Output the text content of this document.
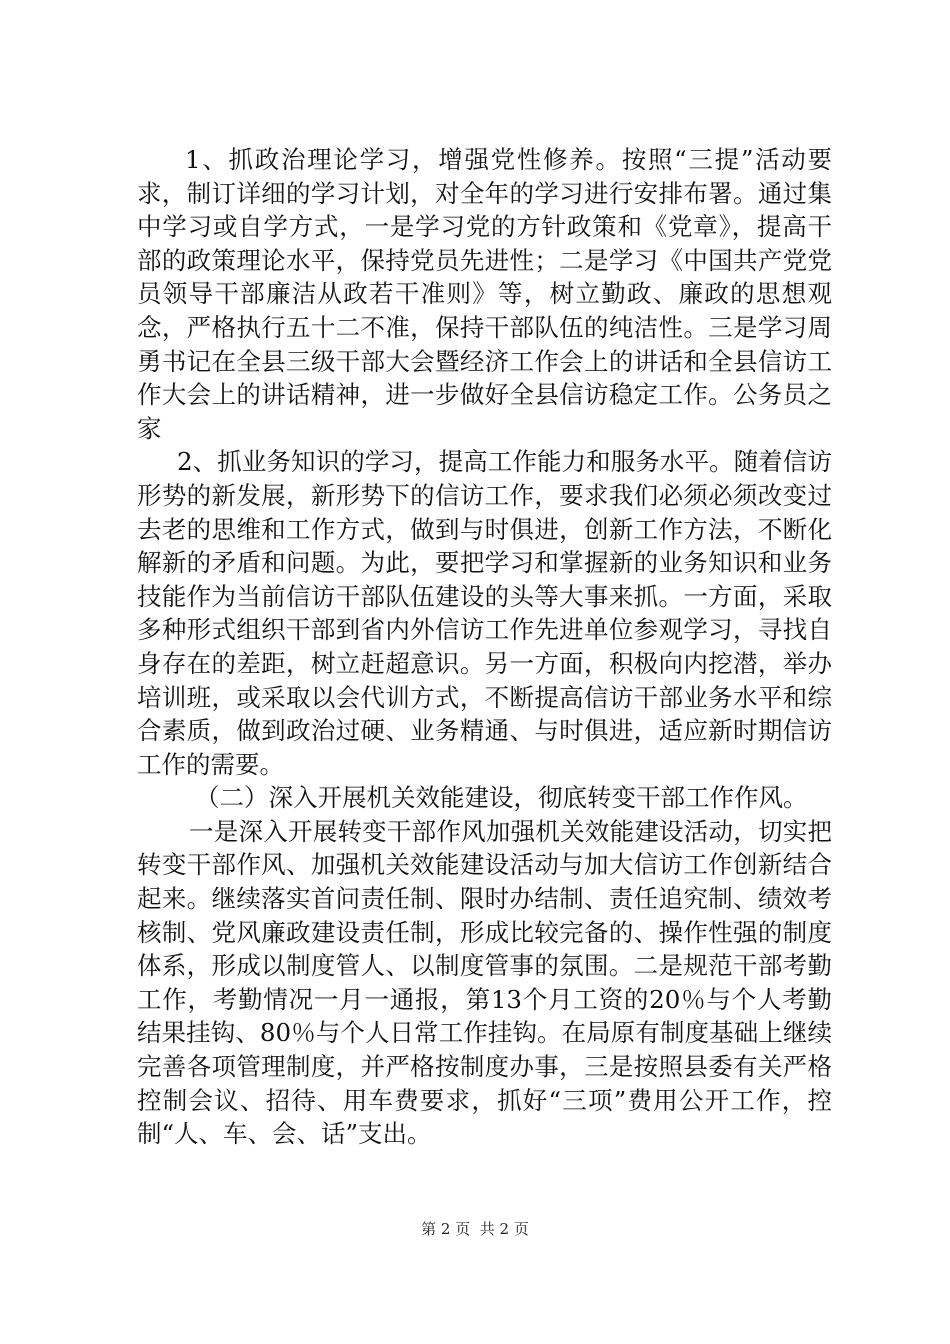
1、抓政治理论学习，增强党性修养。按照“三提”活动要求，制订详细的学习计划，对全年的学习进行安排布署。通过集中学习或自学方式，一是学习党的方针政策和《党章》，提高干部的政策理论水平，保持党员先进性；二是学习《中国共产党党员领导干部廉洁从政若干准则》等，树立勤政、廉政的思想观念，严格执行五十二不准，保持干部队伍的纯洁性。三是学习周勇书记在全县三级干部大会暨经济工作会上的讲话和全县信访工作大会上的讲话精神，进一步做好全县信访稳定工作。公务员之家

2、抓业务知识的学习，提高工作能力和服务水平。随着信访形势的新发展，新形势下的信访工作，要求我们必须必须改变过去老的思维和工作方式，做到与时俱进，创新工作方法，不断化解新的矛盾和问题。为此，要把学习和掌握新的业务知识和业务技能作为当前信访干部队伍建设的头等大事来抓。一方面，采取多种形式组织干部到省内外信访工作先进单位参观学习，寻找自身存在的差距，树立赶超意识。另一方面，积极向内挖潜，举办培训班，或采取以会代训方式，不断提高信访干部业务水平和综合素质，做到政治过硬、业务精通、与时俱进，适应新时期信访工作的需要。

（二）深入开展机关效能建设，彻底转变干部工作作风。

一是深入开展转变干部作风加强机关效能建设活动，切实把转变干部作风、加强机关效能建设活动与加大信访工作创新结合起来。继续落实首问责任制、限时办结制、责任追究制、绩效考核制、党风廉政建设责任制，形成比较完备的、操作性强的制度体系，形成以制度管人、以制度管事的氛围。二是规范干部考勤工作，考勤情况一月一通报，第13个月工资的20％与个人考勤结果挂钩、80％与个人日常工作挂钩。在局原有制度基础上继续完善各项管理制度，并严格按制度办事，三是按照县委有关严格控制会议、招待、用车费要求，抓好“三项”费用公开工作，控制“人、车、会、话”支出。

第 2 页  共 2 页
